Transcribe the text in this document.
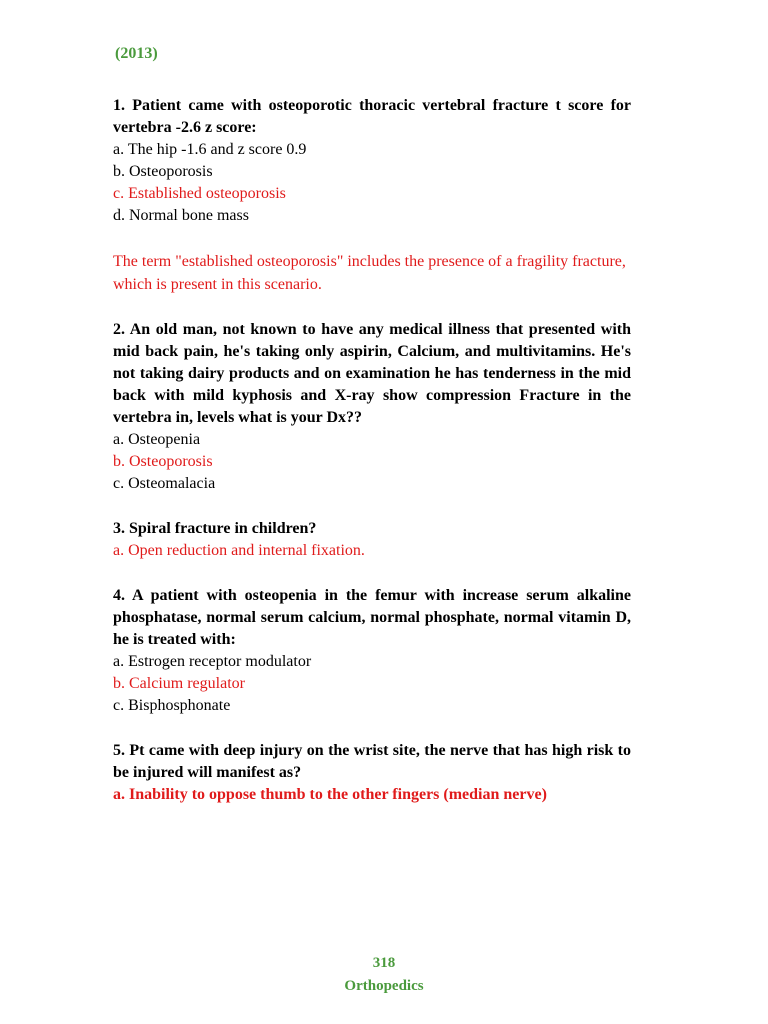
(2013)
1. Patient came with osteoporotic thoracic vertebral fracture t score for vertebra -2.6 z score:
a. The hip -1.6 and z score 0.9
b. Osteoporosis
c. Established osteoporosis
d. Normal bone mass
The term "established osteoporosis" includes the presence of a fragility fracture, which is present in this scenario.
2. An old man, not known to have any medical illness that presented with mid back pain, he's taking only aspirin, Calcium, and multivitamins. He's not taking dairy products and on examination he has tenderness in the mid back with mild kyphosis and X-ray show compression Fracture in the vertebra in, levels what is your Dx??
a. Osteopenia
b. Osteoporosis
c. Osteomalacia
3. Spiral fracture in children?
a. Open reduction and internal fixation.
4. A patient with osteopenia in the femur with increase serum alkaline phosphatase, normal serum calcium, normal phosphate, normal vitamin D, he is treated with:
a. Estrogen receptor modulator
b. Calcium regulator
c. Bisphosphonate
5. Pt came with deep injury on the wrist site, the nerve that has high risk to be injured will manifest as?
a. Inability to oppose thumb to the other fingers (median nerve)
318
Orthopedics
